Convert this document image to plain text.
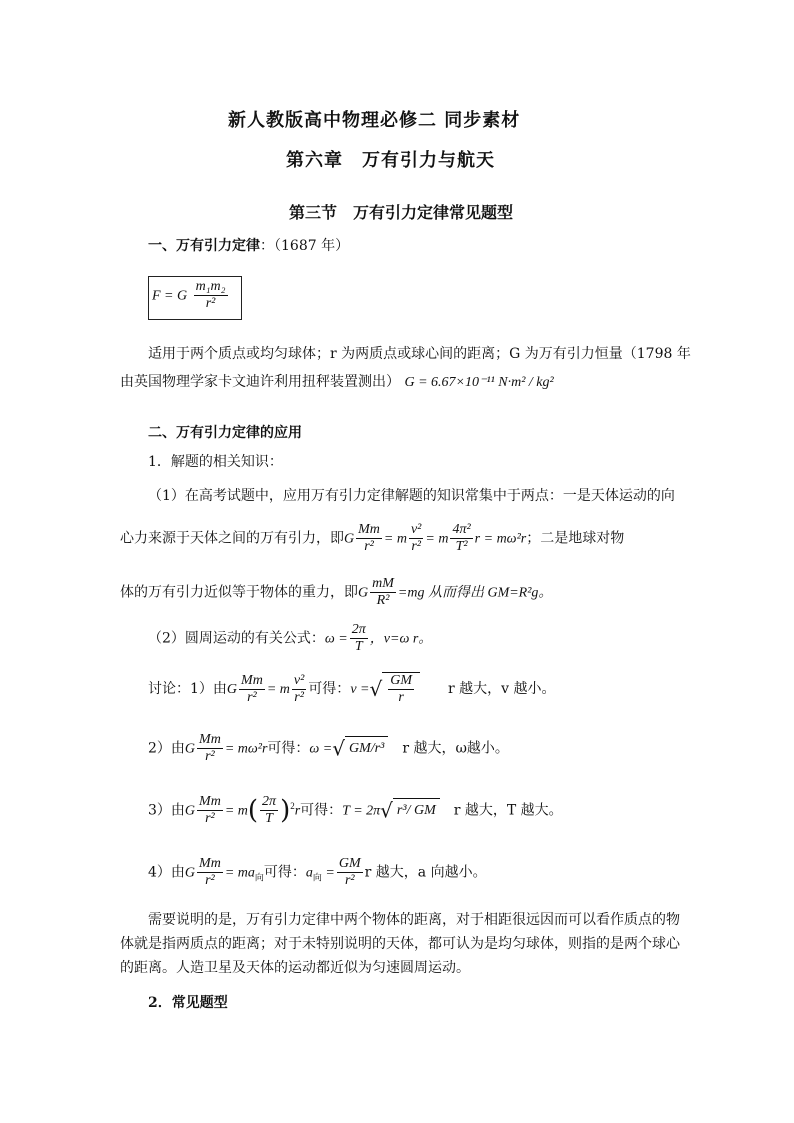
新人教版高中物理必修二 同步素材
第六章　万有引力与航天
第三节　万有引力定律常见题型
一、万有引力定律：（1687 年）
F = G $\frac{\text{m₁m₂}}{\text{r²}}$
适用于两个质点或均匀球体；r 为两质点或球心间的距离；G 为万有引力恒量（1798 年
由英国物理学家卡文迪许利用扭秤装置测出） G = 6.67×10⁻¹¹ N·m² / kg²
二、万有引力定律的应用
1．解题的相关知识：
（1）在高考试题中，应用万有引力定律解题的知识常集中于两点：一是天体运动的向
心力来源于天体之间的万有引力，即G $\frac{Mm}{\text{r²}} = m \frac{\text{v²}}{\text{r²}} = m \frac{\text{4π²}}{\text{T²}}$ r = mω²r；二是地球对物
体的万有引力近似等于物体的重力，即G $\frac{mM}{\text{R²}} =mg$ 从而得出 GM=R²g。
（2）圆周运动的有关公式：$\omega = \frac{2\pi}{T}$ ，v=ω r。
讨论：1）由G $\frac{Mm}{\text{r²}} = m \frac{\text{v²}}{\text{r²}}$ 可得：v =√ $\frac{GM}{r}$ r 越大，v 越小。
2）由G $\frac{Mm}{\text{r²}} = m\omega^2r$可得：ω =√ GM/r³ r 越大，ω越小。
3）由G $\frac{Mm}{\text{r²}} = m( \frac{2\pi}{T} )^2r$可得：T = 2π√ r³/ GM r 越大，T 越大。
4）由G $\frac{Mm}{\text{r²}} = ma_向$可得：$a_向 = \frac{GM}{\text{r²}}$ r 越大，a 向越小。
需要说明的是，万有引力定律中两个物体的距离，对于相距很远因而可以看作质点的物
体就是指两质点的距离；对于未特别说明的天体，都可认为是均匀球体，则指的是两个球心
的距离。人造卫星及天体的运动都近似为匀速圆周运动。
2．常见题型
